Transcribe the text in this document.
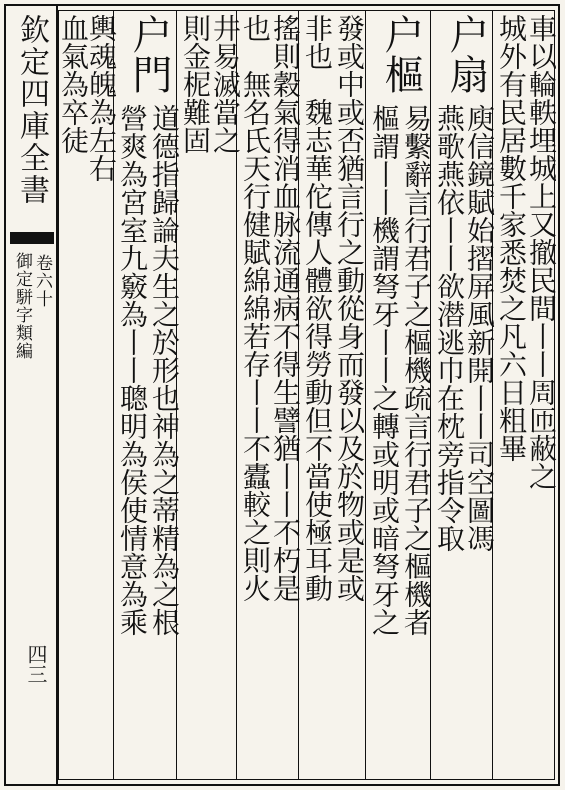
欽定四庫全書
御定駢字類編 卷六十
四三
車以輪軼埋城上又撤民間丨丨周匝蔽之
城外有民居數千家悉焚之凡六日粗畢
户扇
庾信鏡賦始摺屏風新開丨丨司空圖馮
燕歌燕依丨丨欲潜逃巾在枕旁指令取
户樞
易繫辭言行君子之樞機疏言行君子之樞機者
樞謂丨丨機謂弩牙丨丨之轉或明或暗弩牙之
發或中或否猶言行之動從身而發以及於物或是或
非也　魏志華佗傳人體欲得勞動但不當使極耳動
搖則穀氣得消血脉流通病不得生譬猶丨丨不朽是
也　無名氏天行健賦綿綿若存丨丨不蠹較之則火
井易滅當之
則金柅難固
户門
道德指歸論夫生之於形也神為之蒂精為之根
營爽為宮室九竅為丨丨聰明為侯使情意為乘
輿魂魄為左右
血氣為卒徒
